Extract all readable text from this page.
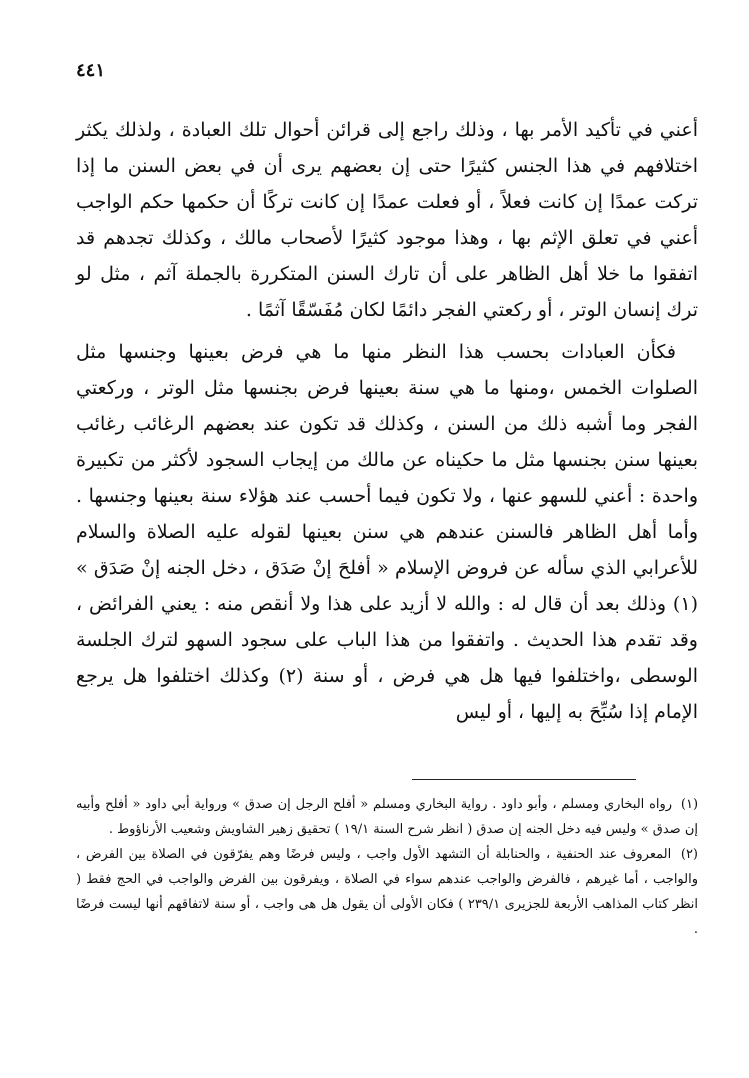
٤٤١

أعني في تأكيد الأمر بها ، وذلك راجع إلى قرائن أحوال تلك العبادة ، ولذلك يكثر اختلافهم في هذا الجنس كثيرًا حتى إن بعضهم يرى أن في بعض السنن ما إذا تركت عمدًا إن كانت فعلاً ، أو فعلت عمدًا إن كانت تركًا أن حكمها حكم الواجب أعني في تعلق الإثم بها ، وهذا موجود كثيرًا لأصحاب مالك ، وكذلك تجدهم قد اتفقوا ما خلا أهل الظاهر على أن تارك السنن المتكررة بالجملة آثم ، مثل لو ترك إنسان الوتر ، أو ركعتي الفجر دائمًا لكان مُفَسّقًا آثمًا .

فكأن العبادات بحسب هذا النظر منها ما هي فرض بعينها وجنسها مثل الصلوات الخمس ،ومنها ما هي سنة بعينها فرض بجنسها مثل الوتر ، وركعتي الفجر وما أشبه ذلك من السنن ، وكذلك قد تكون عند بعضهم الرغائب رغائب بعينها سنن بجنسها مثل ما حكيناه عن مالك من إيجاب السجود لأكثر من تكبيرة واحدة : أعني للسهو عنها ، ولا تكون فيما أحسب عند هؤلاء سنة بعينها وجنسها . وأما أهل الظاهر فالسنن عندهم هي سنن بعينها لقوله عليه الصلاة والسلام للأعرابي الذي سأله عن فروض الإسلام « أفلحَ إنْ صَدَق ، دخل الجنه إنْ صَدَق » (١) وذلك بعد أن قال له : والله لا أزيد على هذا ولا أنقص منه : يعني الفرائض ، وقد تقدم هذا الحديث . واتفقوا من هذا الباب على سجود السهو لترك الجلسة الوسطى ،واختلفوا فيها هل هي فرض ، أو سنة (٢) وكذلك اختلفوا هل يرجع الإمام إذا سُبِّحَ به إليها ، أو ليس

(١) رواه البخاري ومسلم ، وأبو داود . رواية البخاري ومسلم « أفلح الرجل إن صدق » ورواية أبي داود « أفلح وأبيه إن صدق » وليس فيه دخل الجنه إن صدق ( انظر شرح السنة ١٩/١ ) تحقيق زهير الشاويش وشعيب الأرناؤوط .

(٢) المعروف عند الحنفية ، والحنابلة أن التشهد الأول واجب ، وليس فرضًا وهم يفرّقون في الصلاة بين الفرض ، والواجب ، أما غيرهم ، فالفرض والواجب عندهم سواء في الصلاة ، ويفرقون بين الفرض والواجب في الحج فقط ( انظر كتاب المذاهب الأربعة للجزيرى ٢٣٩/١ ) فكان الأولى أن يقول هل هى واجب ، أو سنة لاتفاقهم أنها ليست فرضًا .
